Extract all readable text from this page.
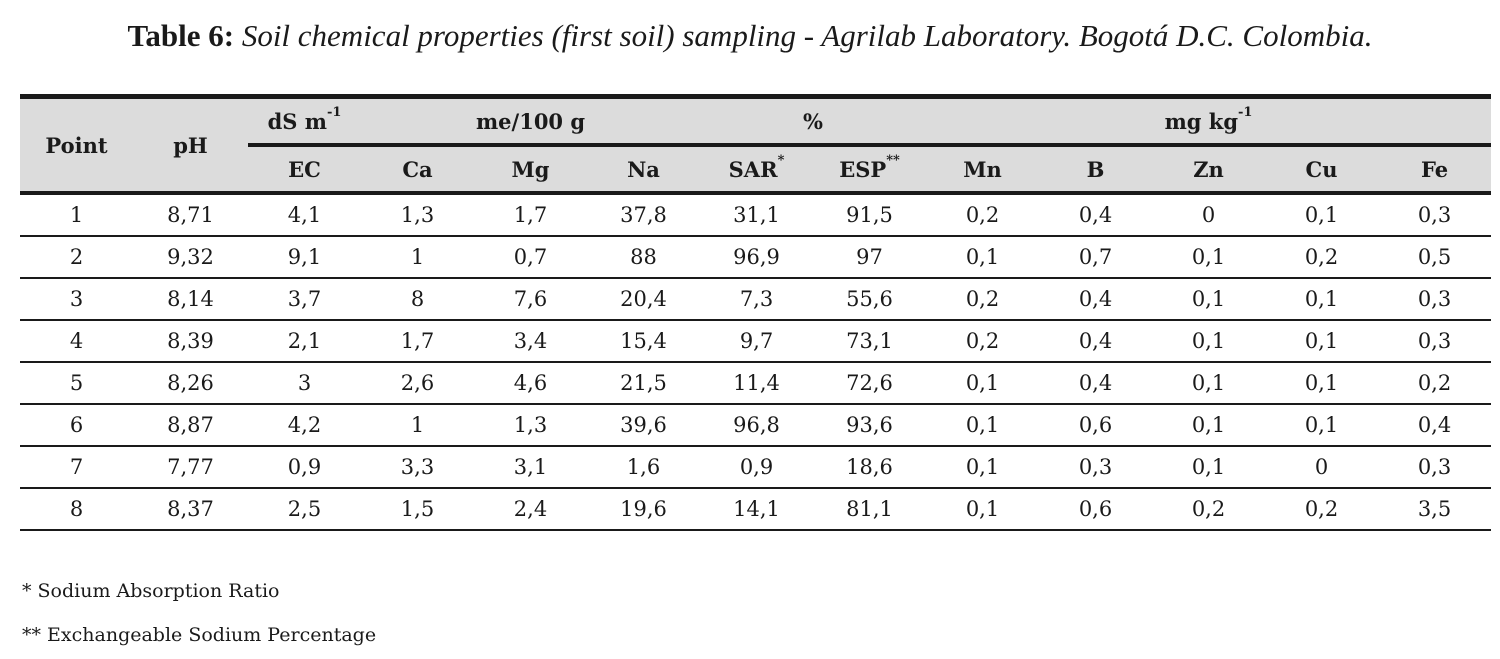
Table 6: Soil chemical properties (first soil) sampling - Agrilab Laboratory. Bogotá D.C. Colombia.
Point	pH	dS $m^{-1}$	me/100 g			%		mg $kg^{-1}$
		EC	Ca	Mg	Na	SAR*	ESP**	Mn	B	Zn	Cu	Fe
1	8,71	4,1	1,3	1,7	37,8	31,1	91,5	0,2	0,4	0	0,1	0,3
2	9,32	9,1	1	0,7	88	96,9	97	0,1	0,7	0,1	0,2	0,5
3	8,14	3,7	8	7,6	20,4	7,3	55,6	0,2	0,4	0,1	0,1	0,3
4	8,39	2,1	1,7	3,4	15,4	9,7	73,1	0,2	0,4	0,1	0,1	0,3
5	8,26	3	2,6	4,6	21,5	11,4	72,6	0,1	0,4	0,1	0,1	0,2
6	8,87	4,2	1	1,3	39,6	96,8	93,6	0,1	0,6	0,1	0,1	0,4
7	7,77	0,9	3,3	3,1	1,6	0,9	18,6	0,1	0,3	0,1	0	0,3
8	8,37	2,5	1,5	2,4	19,6	14,1	81,1	0,1	0,6	0,2	0,2	3,5
* Sodium Absorption Ratio
** Exchangeable Sodium Percentage
